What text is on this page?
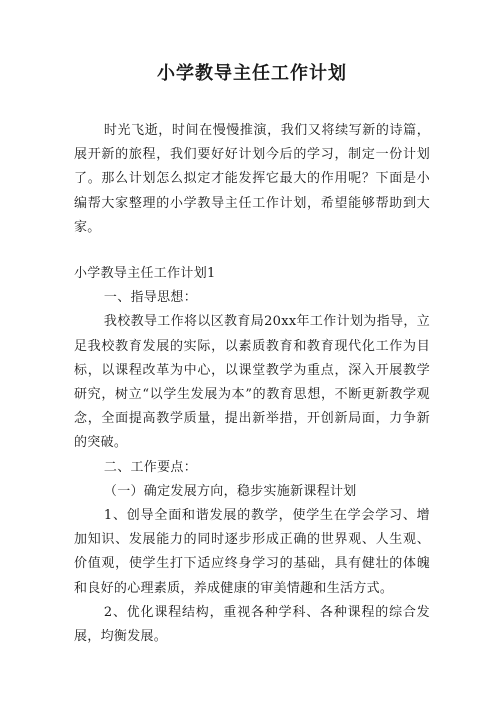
小学教导主任工作计划

时光飞逝，时间在慢慢推演，我们又将续写新的诗篇，展开新的旅程，我们要好好计划今后的学习，制定一份计划了。那么计划怎么拟定才能发挥它最大的作用呢？下面是小编帮大家整理的小学教导主任工作计划，希望能够帮助到大家。

小学教导主任工作计划1

一、指导思想：

我校教导工作将以区教育局20xx年工作计划为指导，立足我校教育发展的实际，以素质教育和教育现代化工作为目标，以课程改革为中心，以课堂教学为重点，深入开展教学研究，树立“以学生发展为本”的教育思想，不断更新教学观念，全面提高教学质量，提出新举措，开创新局面，力争新的突破。

二、工作要点：

（一）确定发展方向，稳步实施新课程计划

1、创导全面和谐发展的教学，使学生在学会学习、增加知识、发展能力的同时逐步形成正确的世界观、人生观、价值观，使学生打下适应终身学习的基础，具有健壮的体魄和良好的心理素质，养成健康的审美情趣和生活方式。

2、优化课程结构，重视各种学科、各种课程的综合发展，均衡发展。
